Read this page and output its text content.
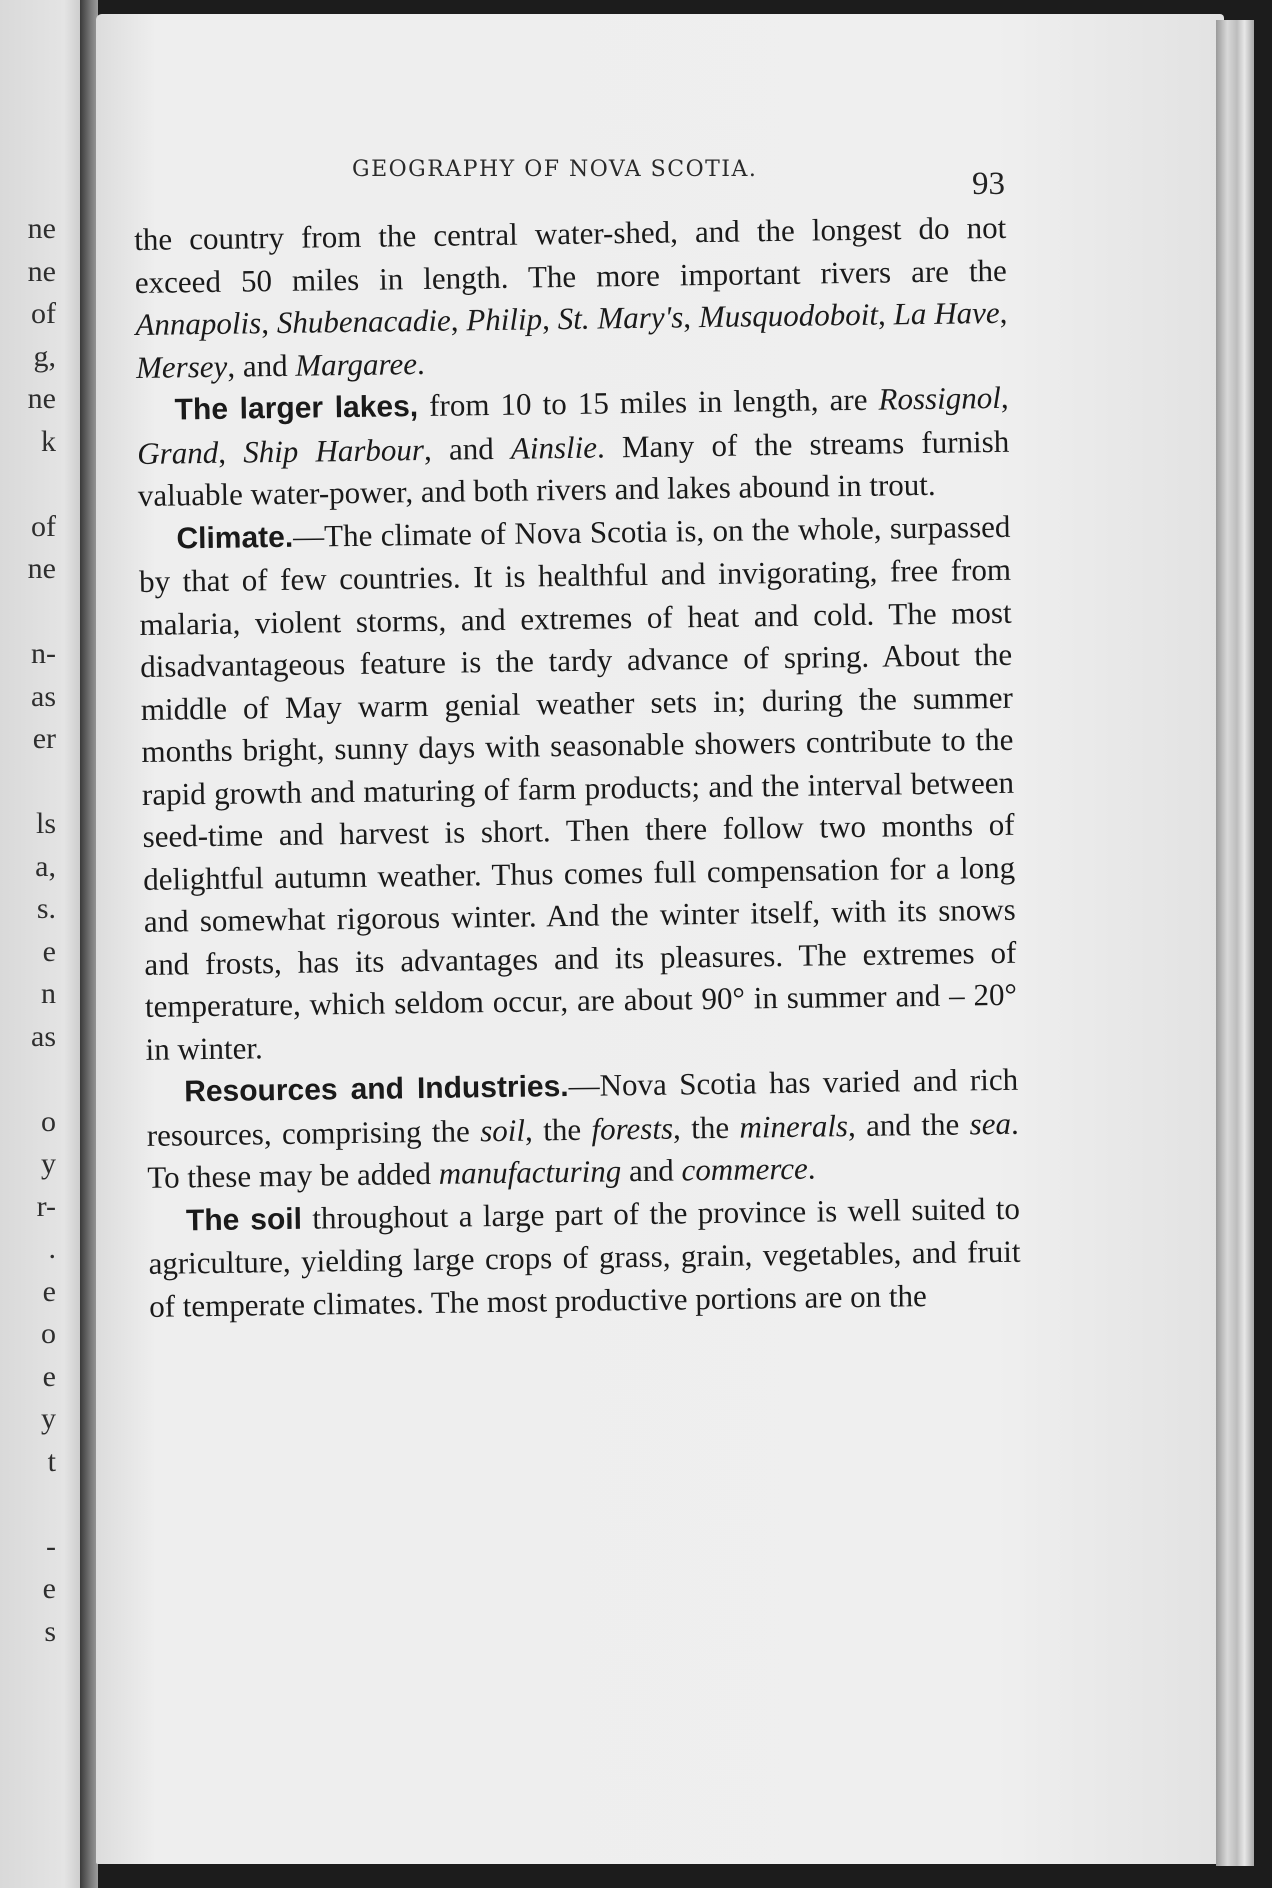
ne
ne
of
g,
ne
k
of
ne
n-
as
er
ls
a,
s.
e
n
as
o
y
r-
.
e
o
e
y
t
-
e
s
GEOGRAPHY OF NOVA SCOTIA.	93

the country from the central water-shed, and the longest do not exceed 50 miles in length. The more important rivers are the Annapolis, Shubenacadie, Philip, St. Mary's, Musquodoboit, La Have, Mersey, and Margaree.

The larger lakes, from 10 to 15 miles in length, are Rossignol, Grand, Ship Harbour, and Ainslie. Many of the streams furnish valuable water-power, and both rivers and lakes abound in trout.

Climate.—The climate of Nova Scotia is, on the whole, surpassed by that of few countries. It is healthful and invigorating, free from malaria, violent storms, and extremes of heat and cold. The most disadvantageous feature is the tardy advance of spring. About the middle of May warm genial weather sets in; during the summer months bright, sunny days with seasonable showers contribute to the rapid growth and maturing of farm products; and the interval between seed-time and harvest is short. Then there follow two months of delightful autumn weather. Thus comes full compensation for a long and somewhat rigorous winter. And the winter itself, with its snows and frosts, has its advantages and its pleasures. The extremes of temperature, which seldom occur, are about 90° in summer and – 20° in winter.

Resources and Industries.—Nova Scotia has varied and rich resources, comprising the soil, the forests, the minerals, and the sea. To these may be added manufacturing and commerce.

The soil throughout a large part of the province is well suited to agriculture, yielding large crops of grass, grain, vegetables, and fruit of temperate climates. The most productive portions are on the
